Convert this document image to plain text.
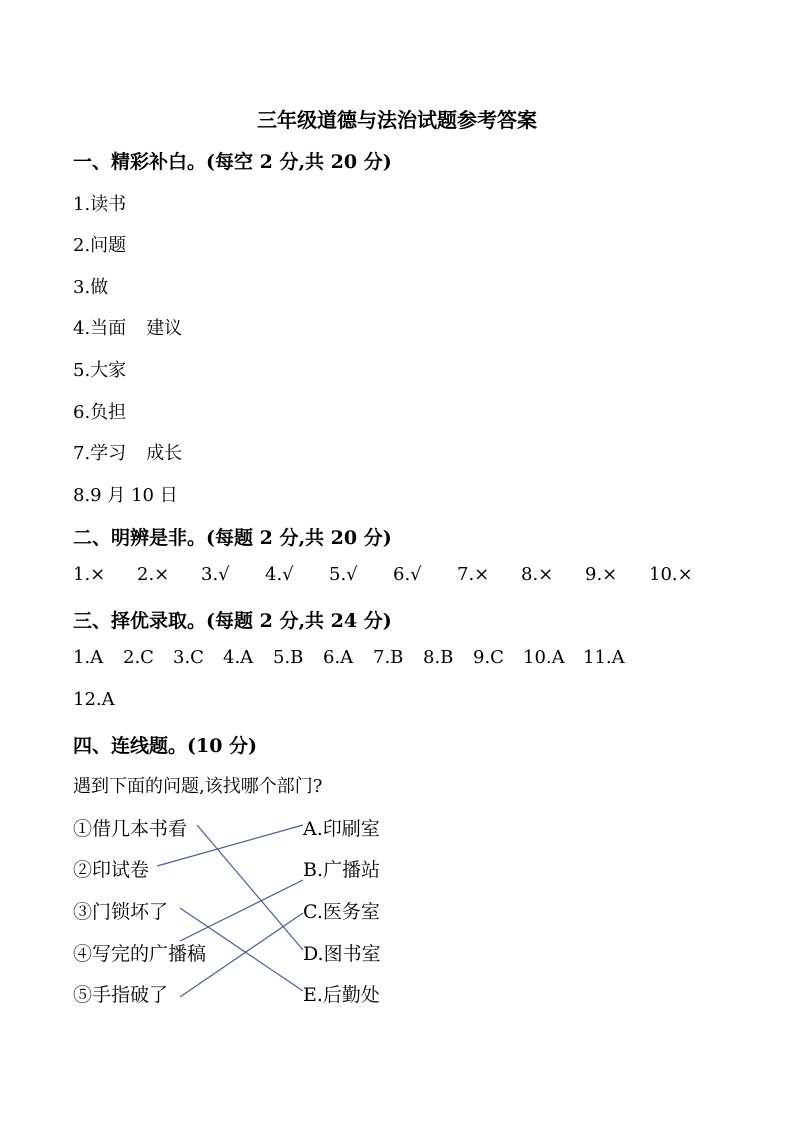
三年级道德与法治试题参考答案
一、精彩补白。(每空 2 分,共 20 分)
1.读书
2.问题
3.做
4.当面 建议
5.大家
6.负担
7.学习 成长
8.9 月 10 日
二、明辨是非。(每题 2 分,共 20 分)
1.× 2.× 3.√ 4.√ 5.√ 6.√ 7.× 8.× 9.× 10.×
三、择优录取。(每题 2 分,共 24 分)
1.A 2.C 3.C 4.A 5.B 6.A 7.B 8.B 9.C 10.A 11.A
12.A
四、连线题。(10 分)
遇到下面的问题,该找哪个部门?
①借几本书看
②印试卷
③门锁坏了
④写完的广播稿
⑤手指破了
A.印刷室
B.广播站
C.医务室
D.图书室
E.后勤处
